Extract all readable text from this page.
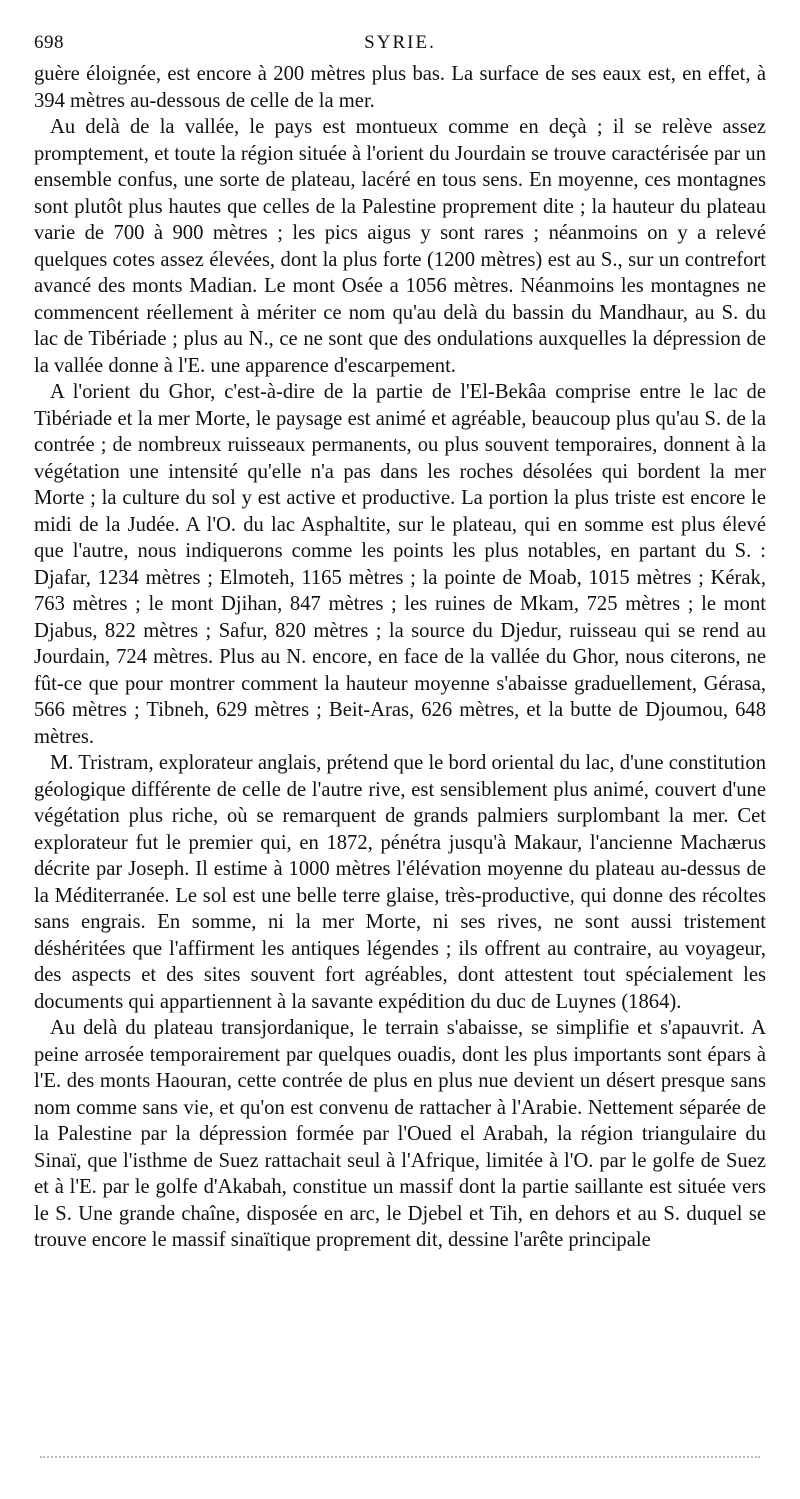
698	SYRIE.

guère éloignée, est encore à 200 mètres plus bas. La surface de ses eaux est, en effet, à 394 mètres au-dessous de celle de la mer.

Au delà de la vallée, le pays est montueux comme en deçà ; il se relève assez promptement, et toute la région située à l'orient du Jourdain se trouve caractérisée par un ensemble confus, une sorte de plateau, lacéré en tous sens. En moyenne, ces montagnes sont plutôt plus hautes que celles de la Palestine proprement dite ; la hauteur du plateau varie de 700 à 900 mètres ; les pics aigus y sont rares ; néanmoins on y a relevé quelques cotes assez élevées, dont la plus forte (1200 mètres) est au S., sur un contrefort avancé des monts Madian. Le mont Osée a 1056 mètres. Néanmoins les montagnes ne commencent réellement à mériter ce nom qu'au delà du bassin du Mandhaur, au S. du lac de Tibériade ; plus au N., ce ne sont que des ondulations auxquelles la dépression de la vallée donne à l'E. une apparence d'escarpement.

A l'orient du Ghor, c'est-à-dire de la partie de l'El-Bekâa comprise entre le lac de Tibériade et la mer Morte, le paysage est animé et agréable, beaucoup plus qu'au S. de la contrée ; de nombreux ruisseaux permanents, ou plus souvent temporaires, donnent à la végétation une intensité qu'elle n'a pas dans les roches désolées qui bordent la mer Morte ; la culture du sol y est active et productive. La portion la plus triste est encore le midi de la Judée. A l'O. du lac Asphaltite, sur le plateau, qui en somme est plus élevé que l'autre, nous indiquerons comme les points les plus notables, en partant du S. : Djafar, 1234 mètres ; Elmoteh, 1165 mètres ; la pointe de Moab, 1015 mètres ; Kérak, 763 mètres ; le mont Djihan, 847 mètres ; les ruines de Mkam, 725 mètres ; le mont Djabus, 822 mètres ; Safur, 820 mètres ; la source du Djedur, ruisseau qui se rend au Jourdain, 724 mètres. Plus au N. encore, en face de la vallée du Ghor, nous citerons, ne fût-ce que pour montrer comment la hauteur moyenne s'abaisse graduellement, Gérasa, 566 mètres ; Tibneh, 629 mètres ; Beit-Aras, 626 mètres, et la butte de Djoumou, 648 mètres.

M. Tristram, explorateur anglais, prétend que le bord oriental du lac, d'une constitution géologique différente de celle de l'autre rive, est sensiblement plus animé, couvert d'une végétation plus riche, où se remarquent de grands palmiers surplombant la mer. Cet explorateur fut le premier qui, en 1872, pénétra jusqu'à Makaur, l'ancienne Machærus décrite par Joseph. Il estime à 1000 mètres l'élévation moyenne du plateau au-dessus de la Méditerranée. Le sol est une belle terre glaise, très-productive, qui donne des récoltes sans engrais. En somme, ni la mer Morte, ni ses rives, ne sont aussi tristement déshéritées que l'affirment les antiques légendes ; ils offrent au contraire, au voyageur, des aspects et des sites souvent fort agréables, dont attestent tout spécialement les documents qui appartiennent à la savante expédition du duc de Luynes (1864).

Au delà du plateau transjordanique, le terrain s'abaisse, se simplifie et s'apauvrit. A peine arrosée temporairement par quelques ouadis, dont les plus importants sont épars à l'E. des monts Haouran, cette contrée de plus en plus nue devient un désert presque sans nom comme sans vie, et qu'on est convenu de rattacher à l'Arabie. Nettement séparée de la Palestine par la dépression formée par l'Oued el Arabah, la région triangulaire du Sinaï, que l'isthme de Suez rattachait seul à l'Afrique, limitée à l'O. par le golfe de Suez et à l'E. par le golfe d'Akabah, constitue un massif dont la partie saillante est située vers le S. Une grande chaîne, disposée en arc, le Djebel et Tih, en dehors et au S. duquel se trouve encore le massif sinaïtique proprement dit, dessine l'arête principale
